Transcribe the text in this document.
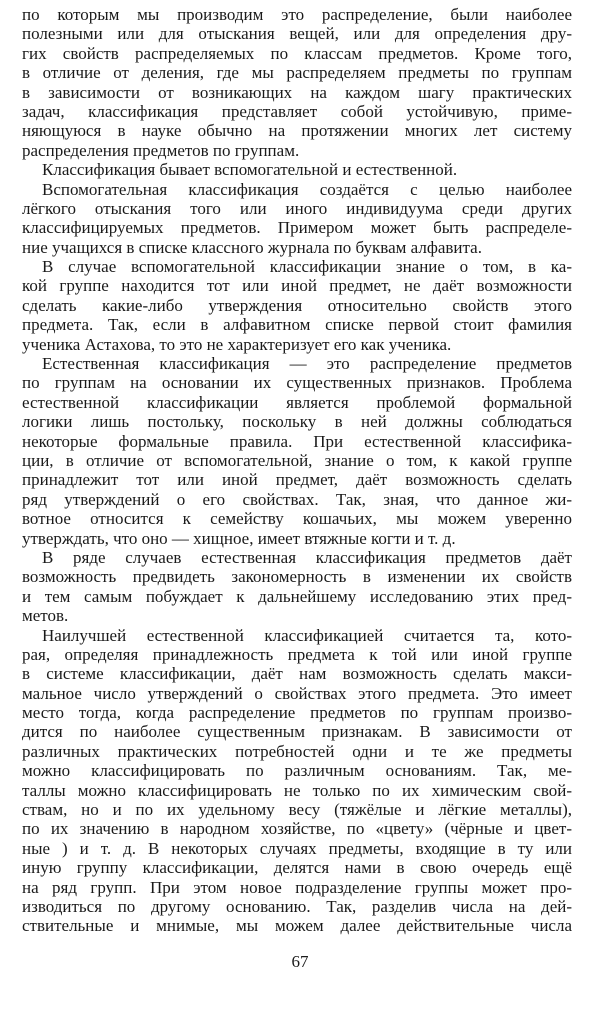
по которым мы производим это распределение, были наиболее
полезными или для отыскания вещей, или для определения дру-
гих свойств распределяемых по классам предметов. Кроме того,
в отличие от деления, где мы распределяем предметы по группам
в зависимости от возникающих на каждом шагу практических
задач, классификация представляет собой устойчивую, приме-
няющуюся в науке обычно на протяжении многих лет систему
распределения предметов по группам.
Классификация бывает вспомогательной и естественной.
Вспомогательная классификация создаётся с целью наиболее
лёгкого отыскания того или иного индивидуума среди других
классифицируемых предметов. Примером может быть распределе-
ние учащихся в списке классного журнала по буквам алфавита.
В случае вспомогательной классификации знание о том, в ка-
кой группе находится тот или иной предмет, не даёт возможности
сделать какие-либо утверждения относительно свойств этого
предмета. Так, если в алфавитном списке первой стоит фамилия
ученика Астахова, то это не характеризует его как ученика.
Естественная классификация — это распределение предметов
по группам на основании их существенных признаков. Проблема
естественной классификации является проблемой формальной
логики лишь постольку, поскольку в ней должны соблюдаться
некоторые формальные правила. При естественной классифика-
ции, в отличие от вспомогательной, знание о том, к какой группе
принадлежит тот или иной предмет, даёт возможность сделать
ряд утверждений о его свойствах. Так, зная, что данное жи-
вотное относится к семейству кошачьих, мы можем уверенно
утверждать, что оно — хищное, имеет втяжные когти и т. д.
В ряде случаев естественная классификация предметов даёт
возможность предвидеть закономерность в изменении их свойств
и тем самым побуждает к дальнейшему исследованию этих пред-
метов.
Наилучшей естественной классификацией считается та, кото-
рая, определяя принадлежность предмета к той или иной группе
в системе классификации, даёт нам возможность сделать макси-
мальное число утверждений о свойствах этого предмета. Это имеет
место тогда, когда распределение предметов по группам произво-
дится по наиболее существенным признакам. В зависимости от
различных практических потребностей одни и те же предметы
можно классифицировать по различным основаниям. Так, ме-
таллы можно классифицировать не только по их химическим свой-
ствам, но и по их удельному весу (тяжёлые и лёгкие металлы),
по их значению в народном хозяйстве, по «цвету» (чёрные и цвет-
ные ) и т. д. В некоторых случаях предметы, входящие в ту или
иную группу классификации, делятся нами в свою очередь ещё
на ряд групп. При этом новое подразделение группы может про-
изводиться по другому основанию. Так, разделив числа на дей-
ствительные и мнимые, мы можем далее действительные числа
67
